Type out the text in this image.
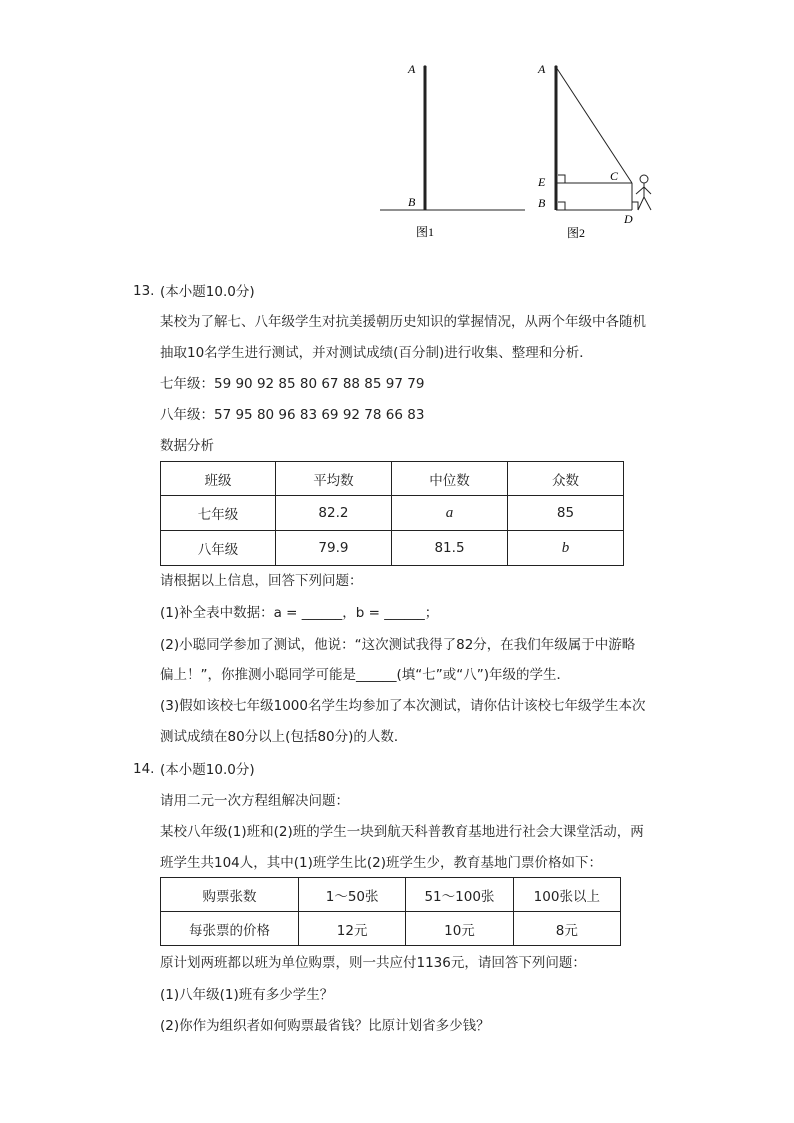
A
B
图1
A
E
B
C
D
图2
13. (本小题10.0分)
某校为了解七、八年级学生对抗美援朝历史知识的掌握情况，从两个年级中各随机
抽取10名学生进行测试，并对测试成绩(百分制)进行收集、整理和分析．
七年级：59 90 92 85 80 67 88 85 97 79
八年级：57 95 80 96 83 69 92 78 66 83
数据分析
班级	平均数	中位数	众数
七年级	82.2	a	85
八年级	79.9	81.5	b
请根据以上信息，回答下列问题：
(1)补全表中数据：a = ______，b = ______；
(2)小聪同学参加了测试，他说：“这次测试我得了82分，在我们年级属于中游略
偏上！”，你推测小聪同学可能是______(填“七”或“八”)年级的学生．
(3)假如该校七年级1000名学生均参加了本次测试，请你估计该校七年级学生本次
测试成绩在80分以上(包括80分)的人数．
14. (本小题10.0分)
请用二元一次方程组解决问题：
某校八年级(1)班和(2)班的学生一块到航天科普教育基地进行社会大课堂活动，两
班学生共104人，其中(1)班学生比(2)班学生少，教育基地门票价格如下：
购票张数	1～50张	51～100张	100张以上
每张票的价格	12元	10元	8元
原计划两班都以班为单位购票，则一共应付1136元，请回答下列问题：
(1)八年级(1)班有多少学生？
(2)你作为组织者如何购票最省钱？比原计划省多少钱？
